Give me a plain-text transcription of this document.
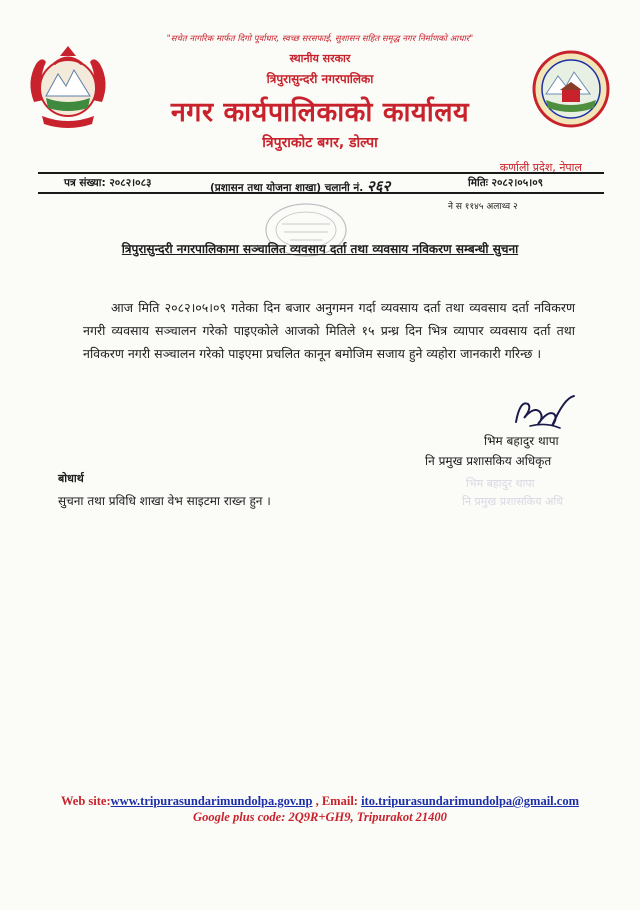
"सचेत नागरिक मार्फत दिगो पूर्वाधार, स्वच्छ सरसफाई, सुशासन सहित समृद्ध नगर निर्माणको आधार"
स्थानीय सरकार
त्रिपुरासुन्दरी नगरपालिका
नगर कार्यपालिकाको कार्यालय
त्रिपुराकोट बगर, डोल्पा
कर्णाली प्रदेश, नेपाल
पत्र संख्या: २०८२।०८३	(प्रशासन तथा योजना शाखा) चलानी नं. २६२	मितिः २०८२।०५।०९
ने स ११४५ अलाथ्व २
त्रिपुरासुन्दरी नगरपालिकामा सञ्चालित व्यवसाय दर्ता तथा व्यवसाय नविकरण सम्बन्धी सुचना
आज मिति २०८२।०५।०९ गतेका दिन बजार अनुगमन गर्दा व्यवसाय दर्ता तथा व्यवसाय दर्ता नविकरण नगरी व्यवसाय सञ्चालन गरेको पाइएकोले आजको मितिले १५ प्रन्ध्र दिन भित्र व्यापार व्यवसाय दर्ता तथा नविकरण नगरी सञ्चालन गरेको पाइएमा प्रचलित कानून बमोजिम सजाय हुने व्यहोरा जानकारी गरिन्छ ।
भिम बहादुर थापा
नि प्रमुख प्रशासकिय अधिकृत
भिम बहादुर थापा
नि प्रमुख प्रशासकिय अधि
बोधार्थ
सुचना तथा प्रविधि शाखा वेभ साइटमा राख्न हुन ।
Web site:www.tripurasundarimundolpa.gov.np , Email: ito.tripurasundarimundolpa@gmail.com
Google plus code: 2Q9R+GH9, Tripurakot 21400
